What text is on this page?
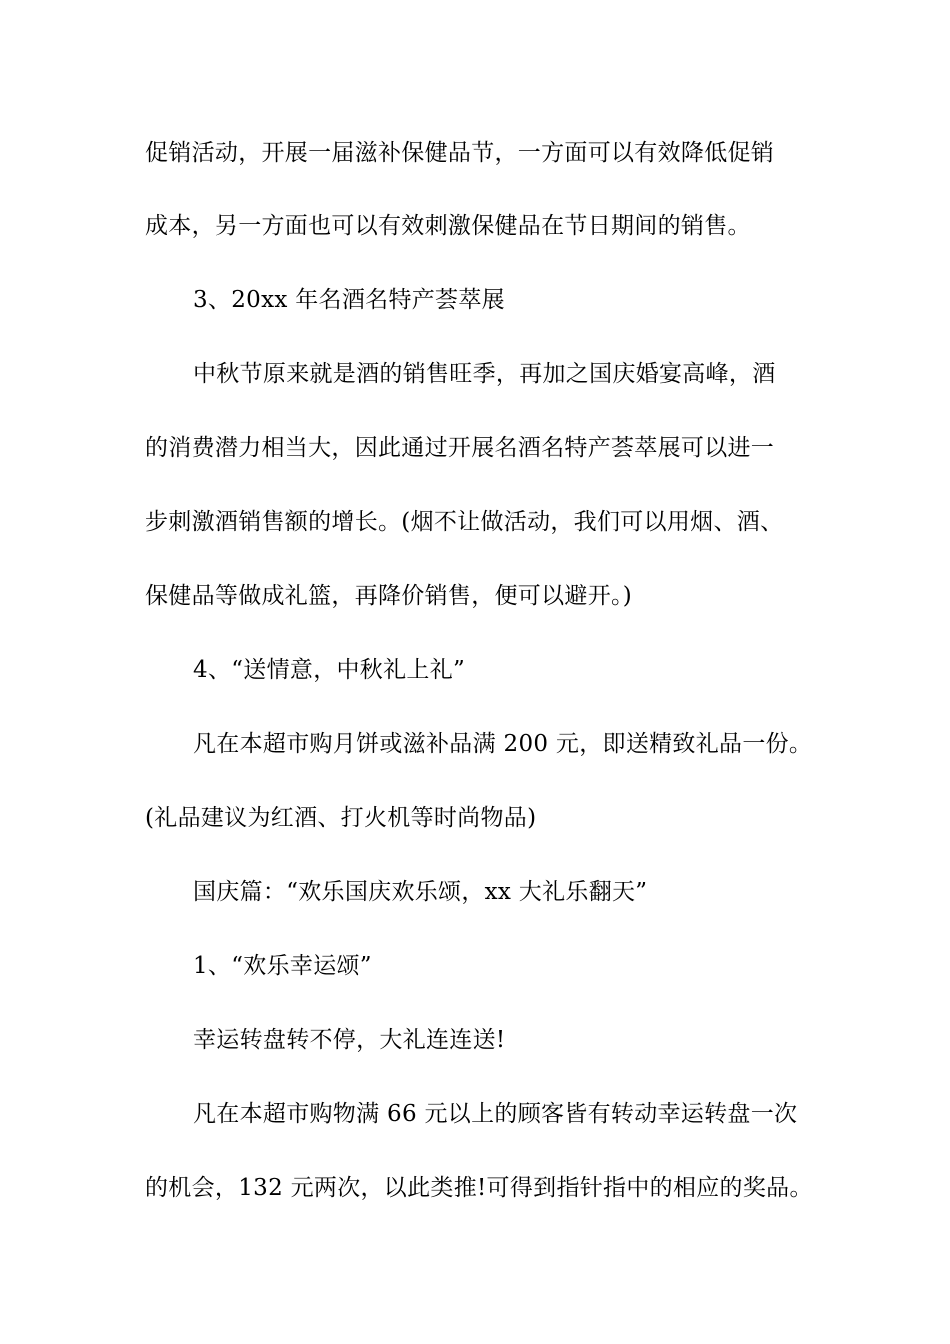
促销活动，开展一届滋补保健品节，一方面可以有效降低促销
成本，另一方面也可以有效刺激保健品在节日期间的销售。
3、20xx 年名酒名特产荟萃展
中秋节原来就是酒的销售旺季，再加之国庆婚宴高峰，酒
的消费潜力相当大，因此通过开展名酒名特产荟萃展可以进一
步刺激酒销售额的增长。(烟不让做活动，我们可以用烟、酒、
保健品等做成礼篮，再降价销售，便可以避开。)
4、“送情意，中秋礼上礼”
凡在本超市购月饼或滋补品满 200 元，即送精致礼品一份。
(礼品建议为红酒、打火机等时尚物品)
国庆篇：“欢乐国庆欢乐颂，xx 大礼乐翻天”
1、“欢乐幸运颂”
幸运转盘转不停，大礼连连送!
凡在本超市购物满 66 元以上的顾客皆有转动幸运转盘一次
的机会，132 元两次，以此类推!可得到指针指中的相应的奖品。
